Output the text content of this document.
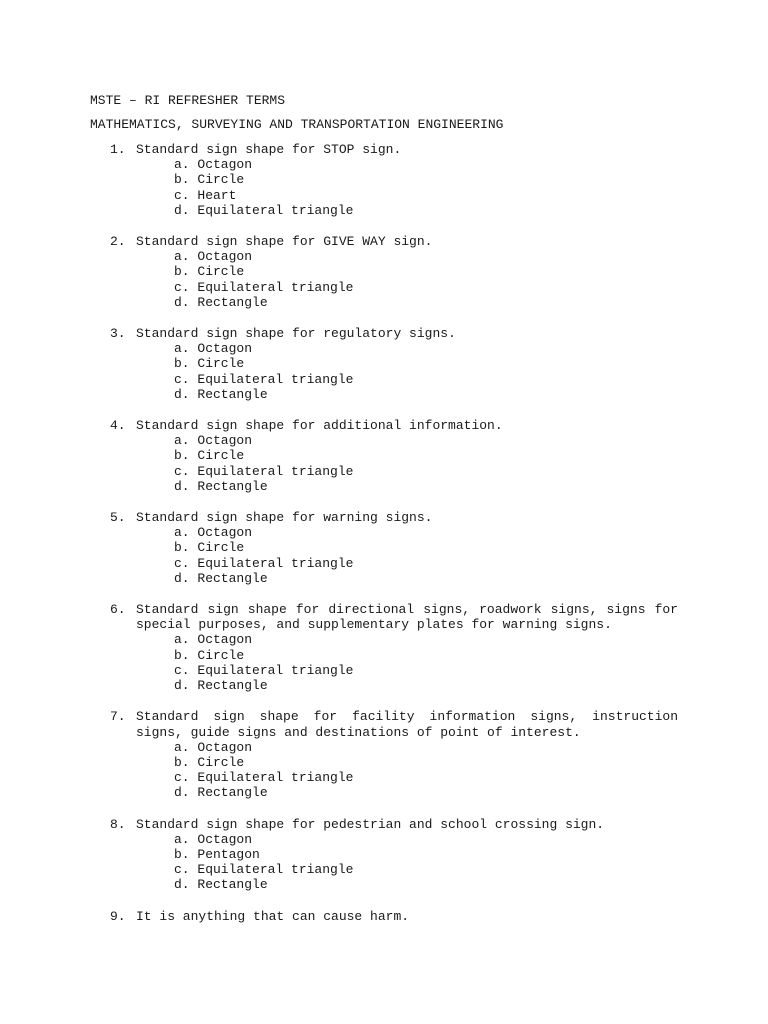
MSTE – RI REFRESHER TERMS
MATHEMATICS, SURVEYING AND TRANSPORTATION ENGINEERING
1. Standard sign shape for STOP sign.
a. Octagon
b. Circle
c. Heart
d. Equilateral triangle
2. Standard sign shape for GIVE WAY sign.
a. Octagon
b. Circle
c. Equilateral triangle
d. Rectangle
3. Standard sign shape for regulatory signs.
a. Octagon
b. Circle
c. Equilateral triangle
d. Rectangle
4. Standard sign shape for additional information.
a. Octagon
b. Circle
c. Equilateral triangle
d. Rectangle
5. Standard sign shape for warning signs.
a. Octagon
b. Circle
c. Equilateral triangle
d. Rectangle
6. Standard sign shape for directional signs, roadwork signs, signs for special purposes, and supplementary plates for warning signs.
a. Octagon
b. Circle
c. Equilateral triangle
d. Rectangle
7. Standard sign shape for facility information signs, instruction signs, guide signs and destinations of point of interest.
a. Octagon
b. Circle
c. Equilateral triangle
d. Rectangle
8. Standard sign shape for pedestrian and school crossing sign.
a. Octagon
b. Pentagon
c. Equilateral triangle
d. Rectangle
9. It is anything that can cause harm.
